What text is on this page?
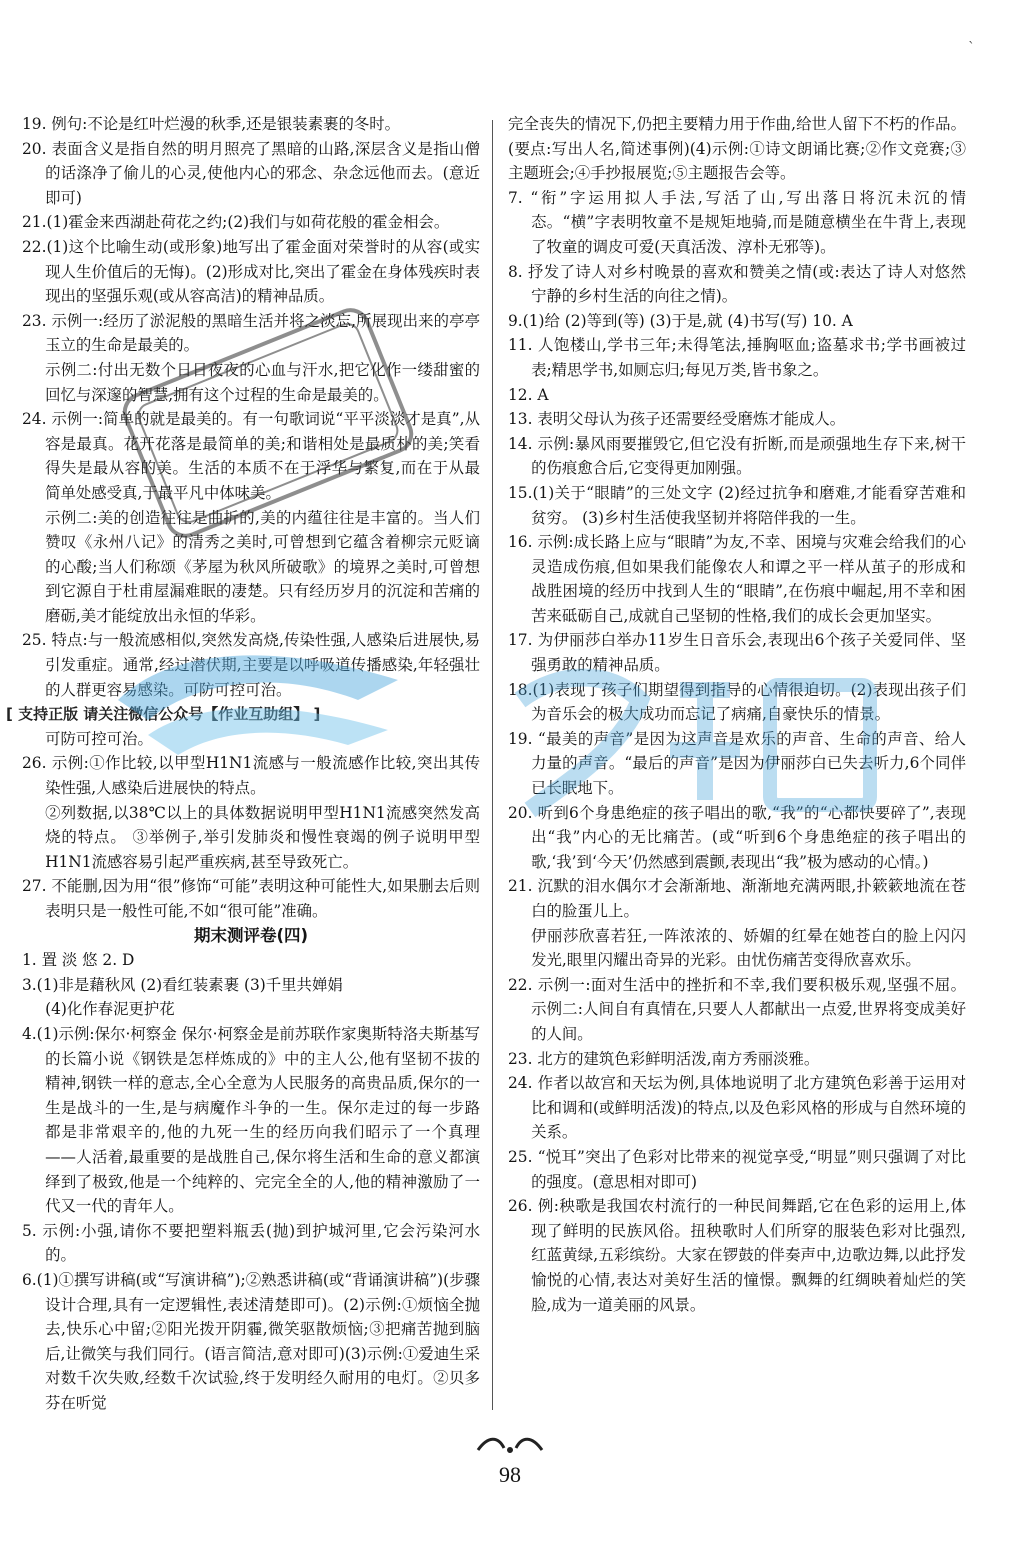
`

19. 例句:不论是红叶烂漫的秋季,还是银装素裹的冬时。

20. 表面含义是指自然的明月照亮了黑暗的山路,深层含义是指山僧的话涤净了偷儿的心灵,使他内心的邪念、杂念远他而去。(意近即可)

21.(1)霍金来西湖赴荷花之约;(2)我们与如荷花般的霍金相会。

22.(1)这个比喻生动(或形象)地写出了霍金面对荣誉时的从容(或实现人生价值后的无悔)。(2)形成对比,突出了霍金在身体残疾时表现出的坚强乐观(或从容高洁)的精神品质。

23. 示例一:经历了淤泥般的黑暗生活并将之淡忘,所展现出来的亭亭玉立的生命是最美的。

示例二:付出无数个日日夜夜的心血与汗水,把它化作一缕甜蜜的回忆与深邃的智慧,拥有这个过程的生命是最美的。

24. 示例一:简单的就是最美的。有一句歌词说“平平淡淡才是真”,从容是最真。花开花落是最简单的美;和谐相处是最质朴的美;笑看得失是最从容的美。生活的本质不在于浮华与繁复,而在于从最简单处感受真,于最平凡中体味美。

示例二:美的创造往往是曲折的,美的内蕴往往是丰富的。当人们赞叹《永州八记》的清秀之美时,可曾想到它蕴含着柳宗元贬谪的心酸;当人们称颂《茅屋为秋风所破歌》的境界之美时,可曾想到它源自于杜甫屋漏难眠的凄楚。只有经历岁月的沉淀和苦痛的磨砺,美才能绽放出永恒的华彩。

25. 特点:与一般流感相似,突然发高烧,传染性强,人感染后进展快,易引发重症。通常,经过潜伏期,主要是以呼吸道传播感染,年轻强壮的人群更容易感染。可防可控可治。

[ 支持正版 请关注微信公众号【作业互助组】 ]

可防可控可治。

26. 示例:①作比较,以甲型H1N1流感与一般流感作比较,突出其传染性强,人感染后进展快的特点。

②列数据,以38℃以上的具体数据说明甲型H1N1流感突然发高烧的特点。 ③举例子,举引发肺炎和慢性衰竭的例子说明甲型H1N1流感容易引起严重疾病,甚至导致死亡。

27. 不能删,因为用“很”修饰“可能”表明这种可能性大,如果删去后则表明只是一般性可能,不如“很可能”准确。

期末测评卷(四)

1. 置 淡 悠 2. D

3.(1)非是藉秋风 (2)看红装素裹 (3)千里共婵娟

(4)化作春泥更护花

4.(1)示例:保尔·柯察金 保尔·柯察金是前苏联作家奥斯特洛夫斯基写的长篇小说《钢铁是怎样炼成的》中的主人公,他有坚韧不拔的精神,钢铁一样的意志,全心全意为人民服务的高贵品质,保尔的一生是战斗的一生,是与病魔作斗争的一生。保尔走过的每一步路都是非常艰辛的,他的九死一生的经历向我们昭示了一个真理——人活着,最重要的是战胜自己,保尔将生活和生命的意义都演绎到了极致,他是一个纯粹的、完完全全的人,他的精神激励了一代又一代的青年人。

5. 示例:小强,请你不要把塑料瓶丢(抛)到护城河里,它会污染河水的。

6.(1)①撰写讲稿(或“写演讲稿”);②熟悉讲稿(或“背诵演讲稿”)(步骤设计合理,具有一定逻辑性,表述清楚即可)。(2)示例:①烦恼全抛去,快乐心中留;②阳光拨开阴霾,微笑驱散烦恼;③把痛苦抛到脑后,让微笑与我们同行。(语言简洁,意对即可)(3)示例:①爱迪生采对数千次失败,经数千次试验,终于发明经久耐用的电灯。②贝多芬在听觉

完全丧失的情况下,仍把主要精力用于作曲,给世人留下不朽的作品。(要点:写出人名,简述事例)(4)示例:①诗文朗诵比赛;②作文竞赛;③主题班会;④手抄报展览;⑤主题报告会等。

7. “衔”字运用拟人手法,写活了山,写出落日将沉未沉的情态。“横”字表明牧童不是规矩地骑,而是随意横坐在牛背上,表现了牧童的调皮可爱(天真活泼、淳朴无邪等)。

8. 抒发了诗人对乡村晚景的喜欢和赞美之情(或:表达了诗人对悠然宁静的乡村生活的向往之情)。

9.(1)给 (2)等到(等) (3)于是,就 (4)书写(写) 10. A

11. 人饱楼山,学书三年;未得笔法,捶胸呕血;盗墓求书;学书画被过表;精思学书,如厕忘归;每见万类,皆书象之。

12. A

13. 表明父母认为孩子还需要经受磨炼才能成人。

14. 示例:暴风雨要摧毁它,但它没有折断,而是顽强地生存下来,树干的伤痕愈合后,它变得更加刚强。

15.(1)关于“眼睛”的三处文字 (2)经过抗争和磨难,才能看穿苦难和贫穷。 (3)乡村生活使我坚韧并将陪伴我的一生。

16. 示例:成长路上应与“眼睛”为友,不幸、困境与灾难会给我们的心灵造成伤痕,但如果我们能像农人和谭之平一样从茧子的形成和战胜困境的经历中找到人生的“眼睛”,在伤痕中崛起,用不幸和困苦来砥砺自己,成就自己坚韧的性格,我们的成长会更加坚实。

17. 为伊丽莎白举办11岁生日音乐会,表现出6个孩子关爱同伴、坚强勇敢的精神品质。

18.(1)表现了孩子们期望得到指导的心情很迫切。(2)表现出孩子们为音乐会的极大成功而忘记了病痛,自豪快乐的情景。

19. “最美的声音”是因为这声音是欢乐的声音、生命的声音、给人力量的声音。“最后的声音”是因为伊丽莎白已失去听力,6个同伴已长眠地下。

20. 听到6个身患绝症的孩子唱出的歌,“我”的“心都快要碎了”,表现出“我”内心的无比痛苦。(或“听到6个身患绝症的孩子唱出的歌,‘我’到‘今天’仍然感到震颤,表现出“我”极为感动的心情。)

21. 沉默的泪水偶尔才会渐渐地、渐渐地充满两眼,扑簌簌地流在苍白的脸蛋儿上。

伊丽莎欣喜若狂,一阵浓浓的、娇媚的红晕在她苍白的脸上闪闪发光,眼里闪耀出奇异的光彩。由忧伤痛苦变得欣喜欢乐。

22. 示例一:面对生活中的挫折和不幸,我们要积极乐观,坚强不屈。示例二:人间自有真情在,只要人人都献出一点爱,世界将变成美好的人间。

23. 北方的建筑色彩鲜明活泼,南方秀丽淡雅。

24. 作者以故宫和天坛为例,具体地说明了北方建筑色彩善于运用对比和调和(或鲜明活泼)的特点,以及色彩风格的形成与自然环境的关系。

25. “悦耳”突出了色彩对比带来的视觉享受,“明显”则只强调了对比的强度。(意思相对即可)

26. 例:秧歌是我国农村流行的一种民间舞蹈,它在色彩的运用上,体现了鲜明的民族风俗。扭秧歌时人们所穿的服装色彩对比强烈,红蓝黄绿,五彩缤纷。大家在锣鼓的伴奏声中,边歌边舞,以此抒发愉悦的心情,表达对美好生活的憧憬。飘舞的红绸映着灿烂的笑脸,成为一道美丽的风景。

98
